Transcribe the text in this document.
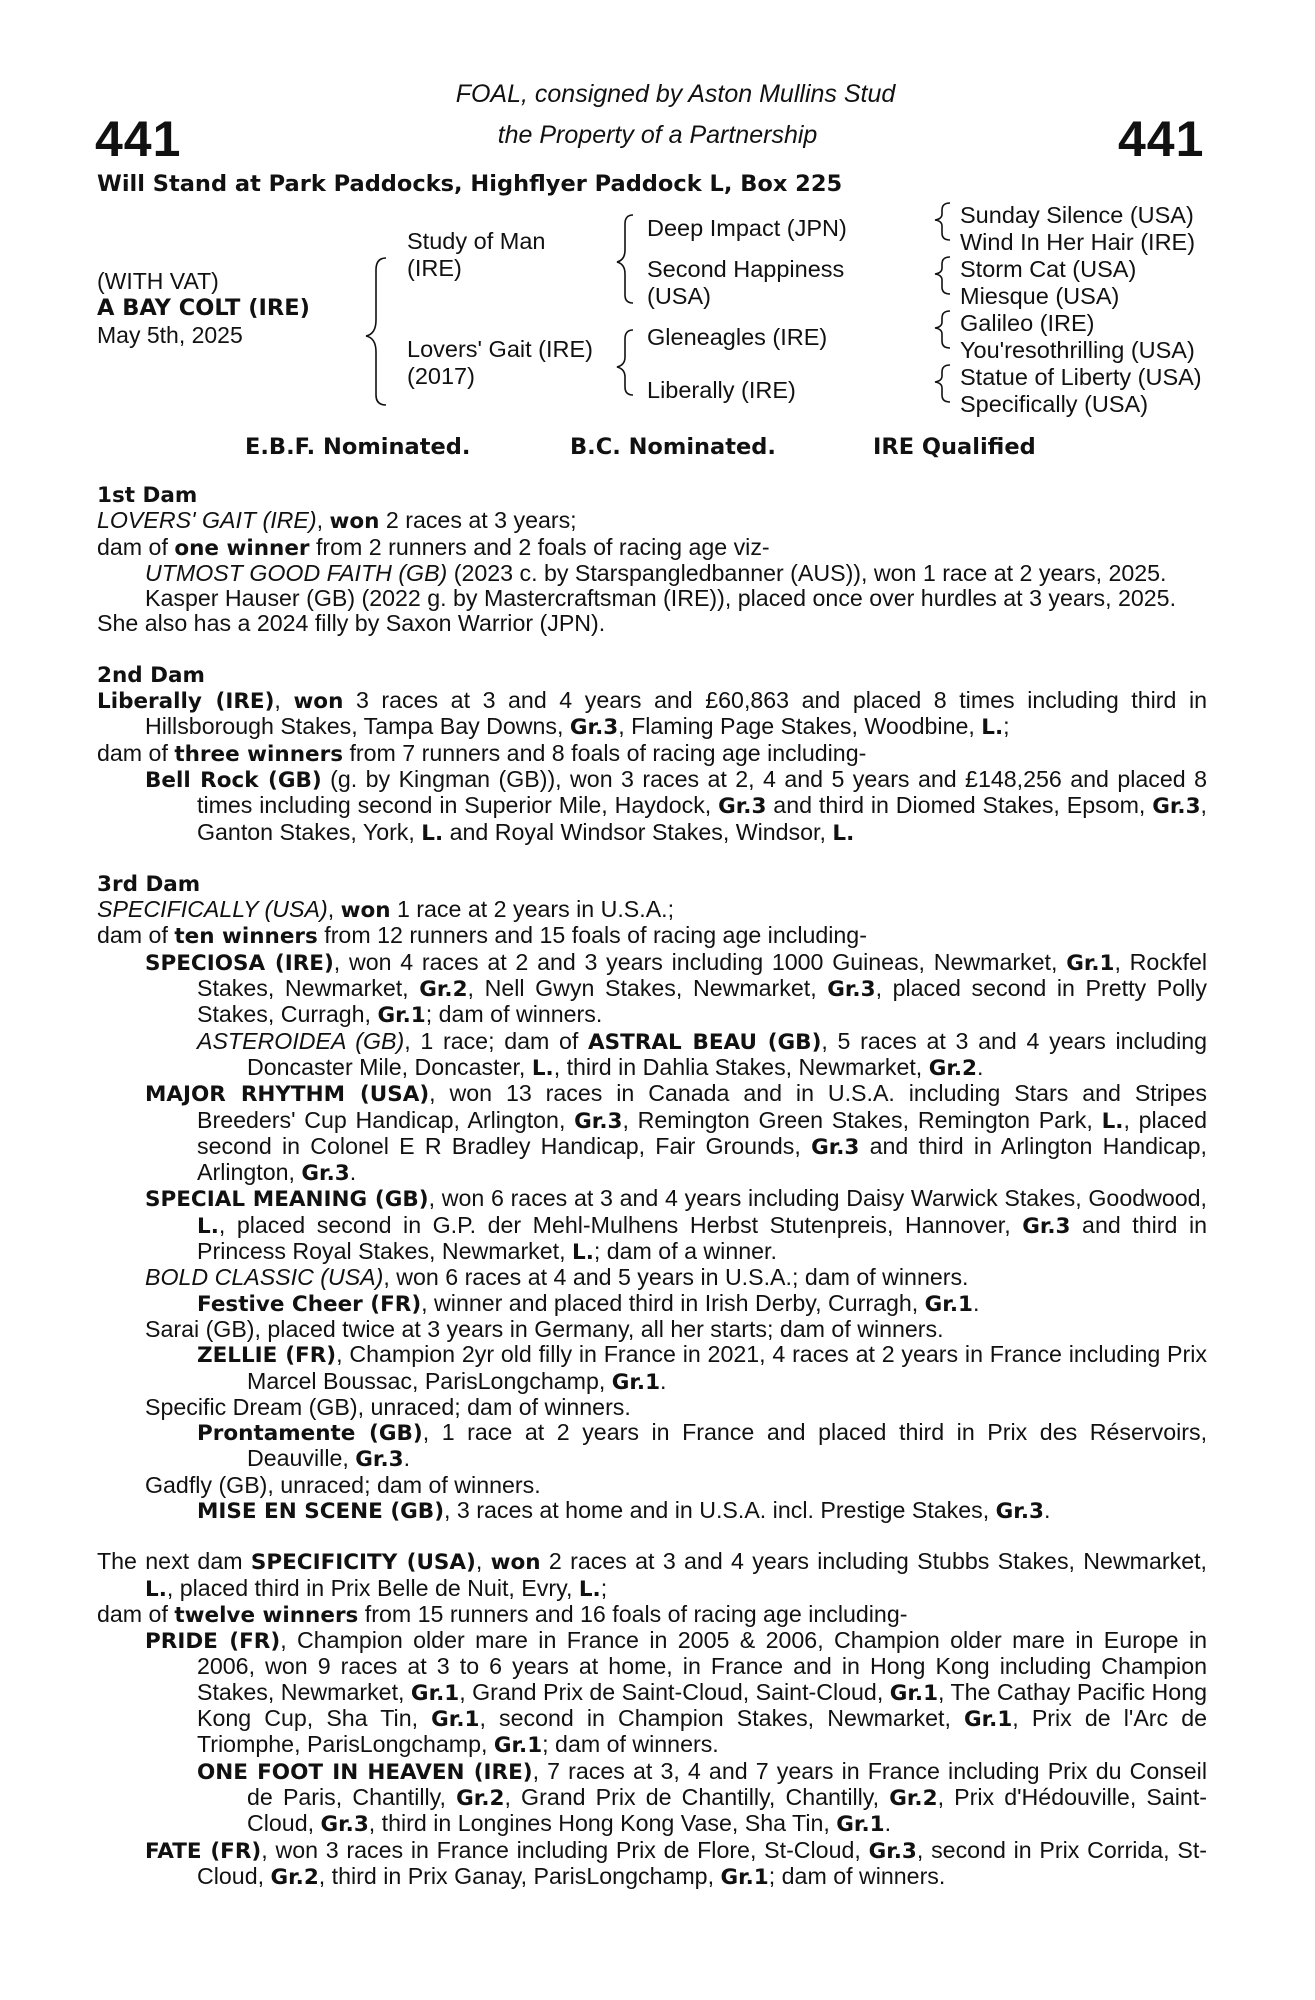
441	441
FOAL, consigned by Aston Mullins Stud
the Property of a Partnership
Will Stand at Park Paddocks, Highflyer Paddock L, Box 225
(WITH VAT)
A BAY COLT (IRE)
May 5th, 2025
Study of Man (IRE)
Lovers' Gait (IRE) (2017)
Deep Impact (JPN)
Second Happiness (USA)
Gleneagles (IRE)
Liberally (IRE)
Sunday Silence (USA)
Wind In Her Hair (IRE)
Storm Cat (USA)
Miesque (USA)
Galileo (IRE)
You'resothrilling (USA)
Statue of Liberty (USA)
Specifically (USA)
E.B.F. Nominated.	B.C. Nominated.	IRE Qualified

1st Dam

LOVERS' GAIT (IRE), won 2 races at 3 years;

dam of one winner from 2 runners and 2 foals of racing age viz-

UTMOST GOOD FAITH (GB) (2023 c. by Starspangledbanner (AUS)), won 1 race at 2 years, 2025.

Kasper Hauser (GB) (2022 g. by Mastercraftsman (IRE)), placed once over hurdles at 3 years, 2025.

She also has a 2024 filly by Saxon Warrior (JPN).

2nd Dam

Liberally (IRE), won 3 races at 3 and 4 years and £60,863 and placed 8 times including third in Hillsborough Stakes, Tampa Bay Downs, Gr.3, Flaming Page Stakes, Woodbine, L.;

dam of three winners from 7 runners and 8 foals of racing age including-

Bell Rock (GB) (g. by Kingman (GB)), won 3 races at 2, 4 and 5 years and £148,256 and placed 8 times including second in Superior Mile, Haydock, Gr.3 and third in Diomed Stakes, Epsom, Gr.3, Ganton Stakes, York, L. and Royal Windsor Stakes, Windsor, L.

3rd Dam

SPECIFICALLY (USA), won 1 race at 2 years in U.S.A.;

dam of ten winners from 12 runners and 15 foals of racing age including-

SPECIOSA (IRE), won 4 races at 2 and 3 years including 1000 Guineas, Newmarket, Gr.1, Rockfel Stakes, Newmarket, Gr.2, Nell Gwyn Stakes, Newmarket, Gr.3, placed second in Pretty Polly Stakes, Curragh, Gr.1; dam of winners.

ASTEROIDEA (GB), 1 race; dam of ASTRAL BEAU (GB), 5 races at 3 and 4 years including Doncaster Mile, Doncaster, L., third in Dahlia Stakes, Newmarket, Gr.2.

MAJOR RHYTHM (USA), won 13 races in Canada and in U.S.A. including Stars and Stripes Breeders' Cup Handicap, Arlington, Gr.3, Remington Green Stakes, Remington Park, L., placed second in Colonel E R Bradley Handicap, Fair Grounds, Gr.3 and third in Arlington Handicap, Arlington, Gr.3.

SPECIAL MEANING (GB), won 6 races at 3 and 4 years including Daisy Warwick Stakes, Goodwood, L., placed second in G.P. der Mehl-Mulhens Herbst Stutenpreis, Hannover, Gr.3 and third in Princess Royal Stakes, Newmarket, L.; dam of a winner.

BOLD CLASSIC (USA), won 6 races at 4 and 5 years in U.S.A.; dam of winners.

Festive Cheer (FR), winner and placed third in Irish Derby, Curragh, Gr.1.

Sarai (GB), placed twice at 3 years in Germany, all her starts; dam of winners.

ZELLIE (FR), Champion 2yr old filly in France in 2021, 4 races at 2 years in France including Prix Marcel Boussac, ParisLongchamp, Gr.1.

Specific Dream (GB), unraced; dam of winners.

Prontamente (GB), 1 race at 2 years in France and placed third in Prix des Réservoirs, Deauville, Gr.3.

Gadfly (GB), unraced; dam of winners.

MISE EN SCENE (GB), 3 races at home and in U.S.A. incl. Prestige Stakes, Gr.3.

The next dam SPECIFICITY (USA), won 2 races at 3 and 4 years including Stubbs Stakes, Newmarket, L., placed third in Prix Belle de Nuit, Evry, L.;

dam of twelve winners from 15 runners and 16 foals of racing age including-

PRIDE (FR), Champion older mare in France in 2005 & 2006, Champion older mare in Europe in 2006, won 9 races at 3 to 6 years at home, in France and in Hong Kong including Champion Stakes, Newmarket, Gr.1, Grand Prix de Saint-Cloud, Saint-Cloud, Gr.1, The Cathay Pacific Hong Kong Cup, Sha Tin, Gr.1, second in Champion Stakes, Newmarket, Gr.1, Prix de l'Arc de Triomphe, ParisLongchamp, Gr.1; dam of winners.

ONE FOOT IN HEAVEN (IRE), 7 races at 3, 4 and 7 years in France including Prix du Conseil de Paris, Chantilly, Gr.2, Grand Prix de Chantilly, Chantilly, Gr.2, Prix d'Hédouville, Saint-Cloud, Gr.3, third in Longines Hong Kong Vase, Sha Tin, Gr.1.

FATE (FR), won 3 races in France including Prix de Flore, St-Cloud, Gr.3, second in Prix Corrida, St-Cloud, Gr.2, third in Prix Ganay, ParisLongchamp, Gr.1; dam of winners.
